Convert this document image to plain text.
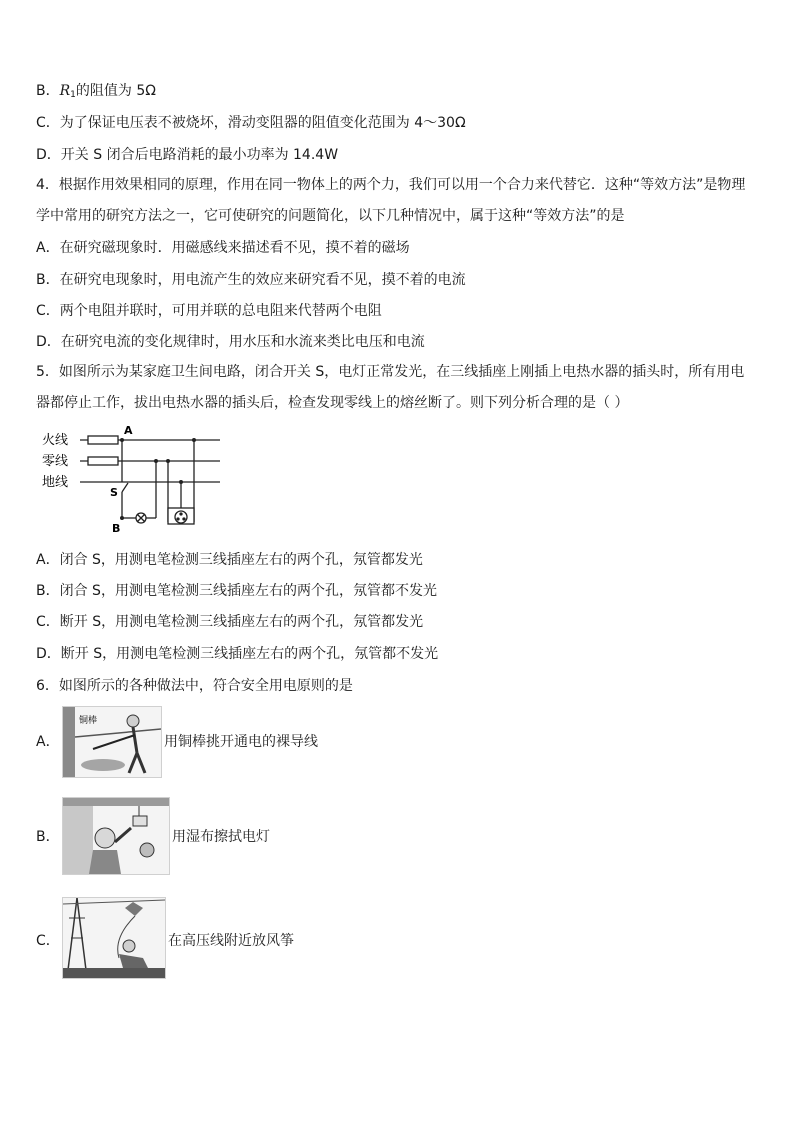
B．$R_1$的阻值为 5Ω
C．为了保证电压表不被烧坏，滑动变阻器的阻值变化范围为 4～30Ω
D．开关 S 闭合后电路消耗的最小功率为 14.4W
4．根据作用效果相同的原理，作用在同一物体上的两个力，我们可以用一个合力来代替它．这种“等效方法”是物理学中常用的研究方法之一，它可使研究的问题简化，以下几种情况中，属于这种“等效方法”的是
A．在研究磁现象时．用磁感线来描述看不见，摸不着的磁场
B．在研究电现象时，用电流产生的效应来研究看不见，摸不着的电流
C．两个电阻并联时，可用并联的总电阻来代替两个电阻
D．在研究电流的变化规律时，用水压和水流来类比电压和电流
5．如图所示为某家庭卫生间电路，闭合开关 S，电灯正常发光，在三线插座上刚插上电热水器的插头时，所有用电器都停止工作，拔出电热水器的插头后，检查发现零线上的熔丝断了。则下列分析合理的是（ ）
火线
零线
地线
A
B
S
A．闭合 S，用测电笔检测三线插座左右的两个孔，氖管都发光
B．闭合 S，用测电笔检测三线插座左右的两个孔，氖管都不发光
C．断开 S，用测电笔检测三线插座左右的两个孔，氖管都发光
D．断开 S，用测电笔检测三线插座左右的两个孔，氖管都不发光
6．如图所示的各种做法中，符合安全用电原则的是
A．
铜棒
用铜棒挑开通电的裸导线
B．	用湿布擦拭电灯
C．	在高压线附近放风筝
